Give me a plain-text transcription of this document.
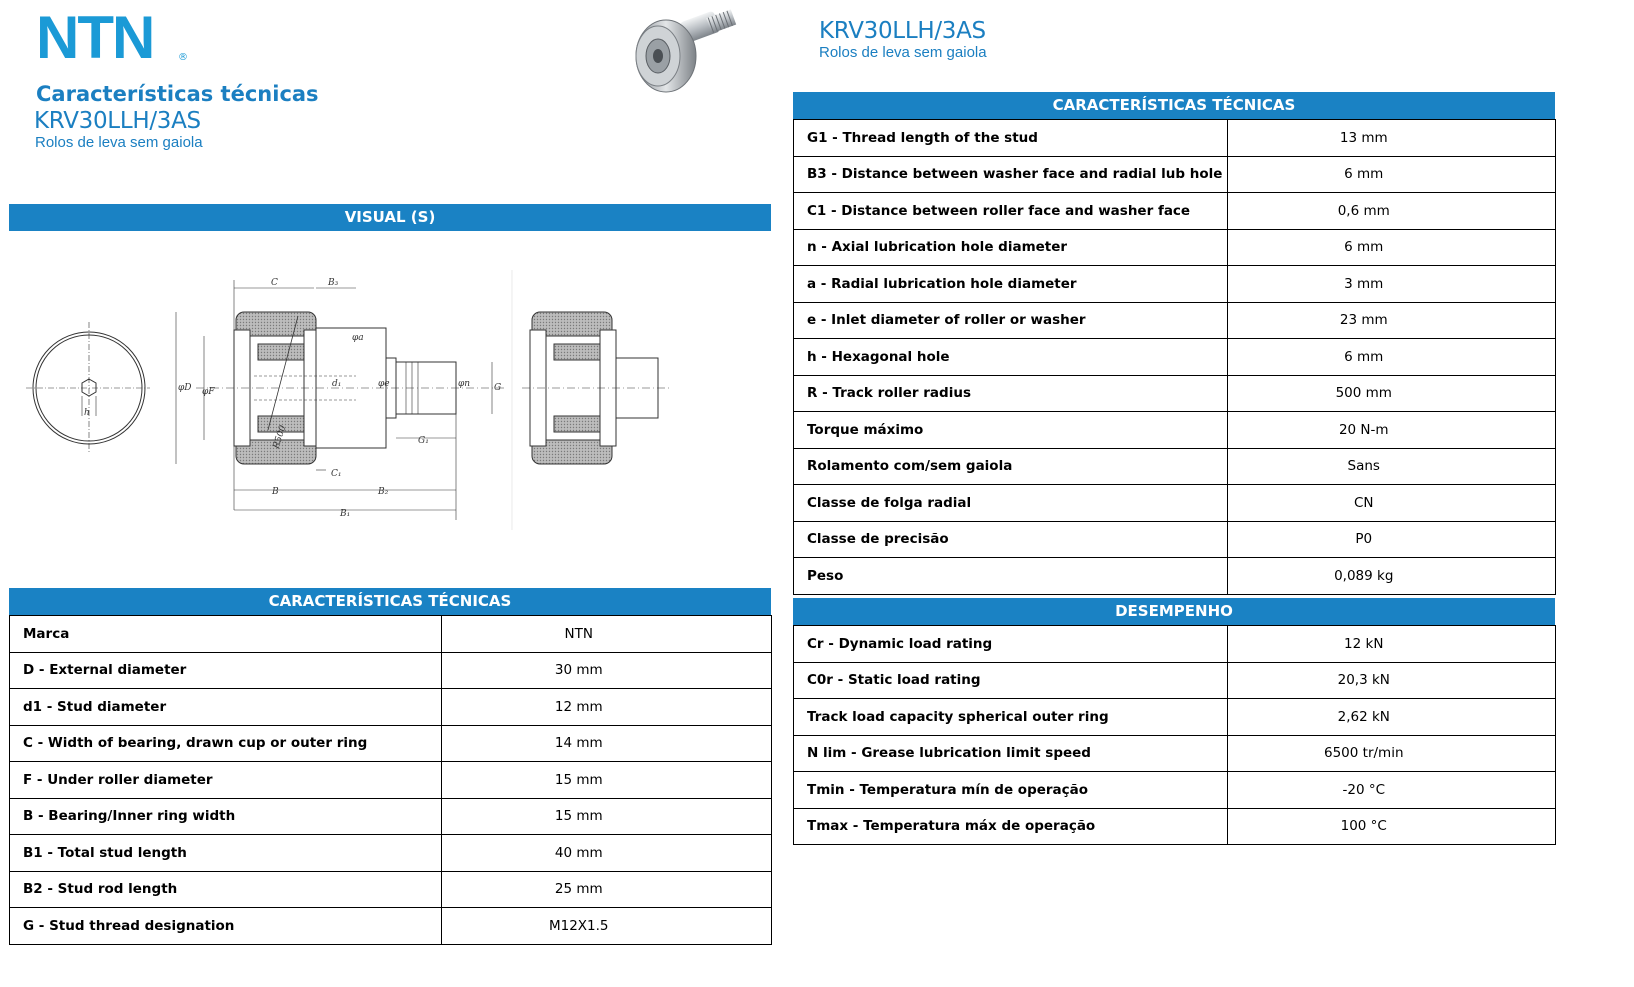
NTN ®
Características técnicas
KRV30LLH/3AS
Rolos de leva sem gaiola
KRV30LLH/3AS
Rolos de leva sem gaiola
VISUAL (S)
h
C	B₃
φa
φD φF
d₁	φe	φn	G
G₁
C₁
B	B₂
B₁
R500
CARACTERÍSTICAS TÉCNICAS
Marca	NTN	
D - External diameter	30 mm	
d1 - Stud diameter	12 mm	
C - Width of bearing, drawn cup or outer ring	14 mm	
F - Under roller diameter	15 mm	
B - Bearing/Inner ring width	15 mm	
B1 - Total stud length	40 mm	
B2 - Stud rod length	25 mm	
G - Stud thread designation	M12X1.5	
CARACTERÍSTICAS TÉCNICAS
G1 - Thread length of the stud	13 mm	
B3 - Distance between washer face and radial lub hole	6 mm	
C1 - Distance between roller face and washer face	0,6 mm	
n - Axial lubrication hole diameter	6 mm	
a - Radial lubrication hole diameter	3 mm	
e - Inlet diameter of roller or washer	23 mm	
h - Hexagonal hole	6 mm	
R - Track roller radius	500 mm	
Torque máximo	20 N-m	
Rolamento com/sem gaiola	Sans	
Classe de folga radial	CN	
Classe de precisão	P0	
Peso	0,089 kg	
DESEMPENHO
Cr - Dynamic load rating	12 kN	
C0r - Static load rating	20,3 kN	
Track load capacity spherical outer ring	2,62 kN	
N lim - Grease lubrication limit speed	6500 tr/min	
Tmin - Temperatura mín de operação	-20 °C	
Tmax - Temperatura máx de operação	100 °C	
